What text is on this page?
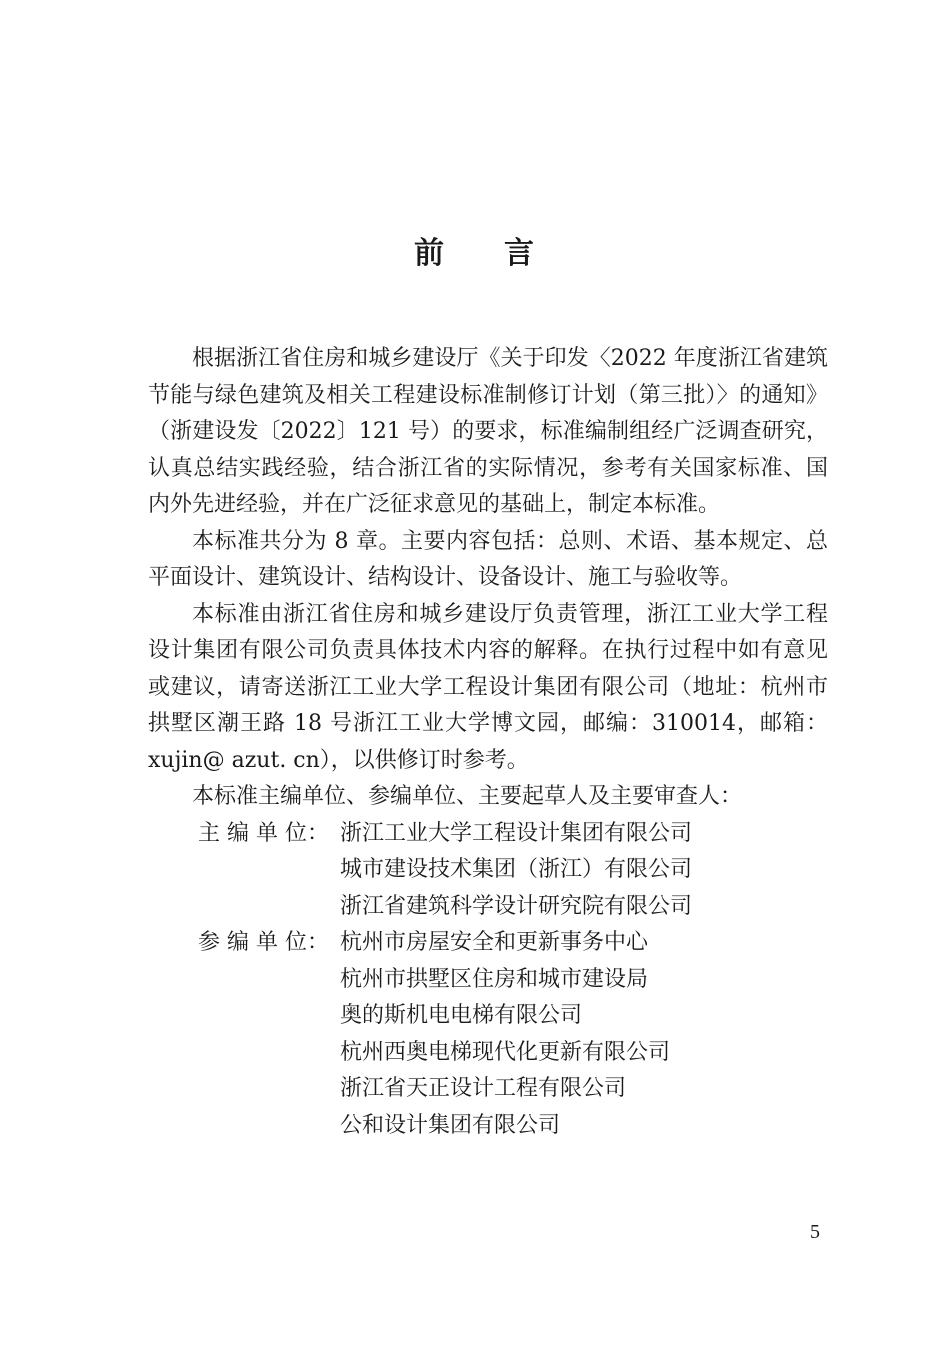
前 言

根据浙江省住房和城乡建设厅《关于印发〈2022 年度浙江省建筑节能与绿色建筑及相关工程建设标准制修订计划（第三批）〉的通知》（浙建设发〔2022〕121 号）的要求，标准编制组经广泛调查研究，认真总结实践经验，结合浙江省的实际情况，参考有关国家标准、国内外先进经验，并在广泛征求意见的基础上，制定本标准。

本标准共分为 8 章。主要内容包括：总则、术语、基本规定、总平面设计、建筑设计、结构设计、设备设计、施工与验收等。

本标准由浙江省住房和城乡建设厅负责管理，浙江工业大学工程设计集团有限公司负责具体技术内容的解释。在执行过程中如有意见或建议，请寄送浙江工业大学工程设计集团有限公司（地址：杭州市拱墅区潮王路 18 号浙江工业大学博文园，邮编：310014，邮箱：xujin@ azut. cn），以供修订时参考。

本标准主编单位、参编单位、主要起草人及主要审查人：

主 编 单 位： 浙江工业大学工程设计集团有限公司
城市建设技术集团（浙江）有限公司
浙江省建筑科学设计研究院有限公司
参 编 单 位： 杭州市房屋安全和更新事务中心
杭州市拱墅区住房和城市建设局
奥的斯机电电梯有限公司
杭州西奥电梯现代化更新有限公司
浙江省天正设计工程有限公司
公和设计集团有限公司
5
